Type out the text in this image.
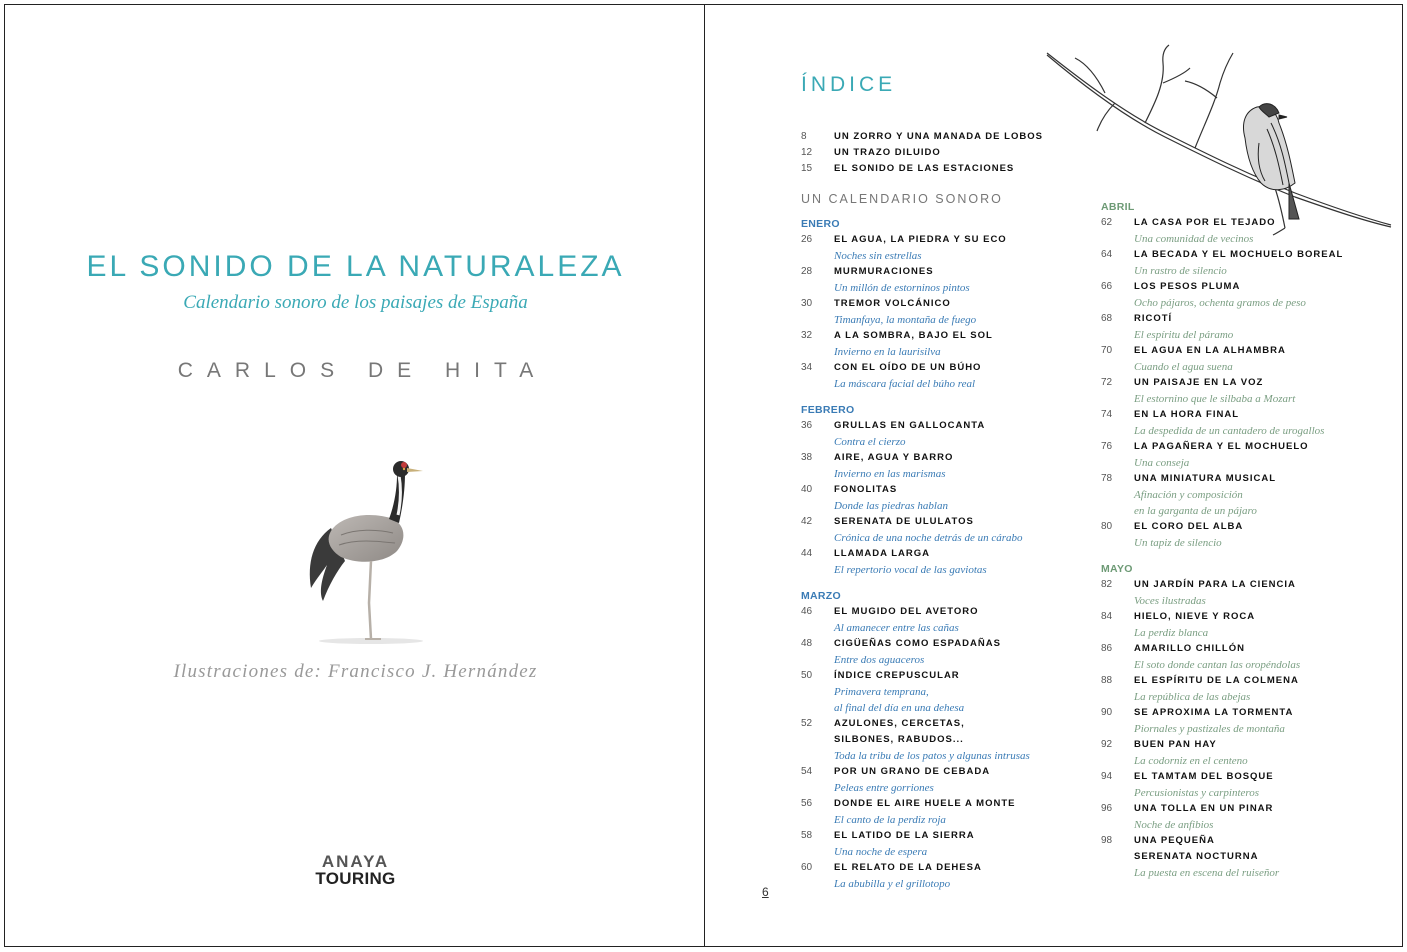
EL SONIDO DE LA NATURALEZA
Calendario sonoro de los paisajes de España
CARLOS DE HITA
Ilustraciones de: Francisco J. Hernández
ANAYA
TOURING
ÍNDICE
8	UN ZORRO Y UNA MANADA DE LOBOS
12 UN TRAZO DILUIDO
15 EL SONIDO DE LAS ESTACIONES
UN CALENDARIO SONORO
ENERO
26 EL AGUA, LA PIEDRA Y SU ECO
Noches sin estrellas
28 MURMURACIONES
Un millón de estorninos pintos
30 TREMOR VOLCÁNICO
Timanfaya, la montaña de fuego
32 A LA SOMBRA, BAJO EL SOL
Invierno en la laurisilva
34 CON EL OÍDO DE UN BÚHO
La máscara facial del búho real
FEBRERO
36 GRULLAS EN GALLOCANTA
Contra el cierzo
38 AIRE, AGUA Y BARRO
Invierno en las marismas
40 FONOLITAS
Donde las piedras hablan
42 SERENATA DE ULULATOS
Crónica de una noche detrás de un cárabo
44 LLAMADA LARGA
El repertorio vocal de las gaviotas
MARZO
46 EL MUGIDO DEL AVETORO
Al amanecer entre las cañas
48 CIGÜEÑAS COMO ESPADAÑAS
Entre dos aguaceros
50 ÍNDICE CREPUSCULAR
Primavera temprana,
al final del día en una dehesa
52 AZULONES, CERCETAS,
SILBONES, RABUDOS...
Toda la tribu de los patos y algunas intrusas
54 POR UN GRANO DE CEBADA
Peleas entre gorriones
56 DONDE EL AIRE HUELE A MONTE
El canto de la perdiz roja
58 EL LATIDO DE LA SIERRA
Una noche de espera
60 EL RELATO DE LA DEHESA
La abubilla y el grillotopo
ABRIL
62 LA CASA POR EL TEJADO
Una comunidad de vecinos
64 LA BECADA Y EL MOCHUELO BOREAL
Un rastro de silencio
66 LOS PESOS PLUMA
Ocho pájaros, ochenta gramos de peso
68 RICOTÍ
El espíritu del páramo
70 EL AGUA EN LA ALHAMBRA
Cuando el agua suena
72 UN PAISAJE EN LA VOZ
El estornino que le silbaba a Mozart
74 EN LA HORA FINAL
La despedida de un cantadero de urogallos
76 LA PAGAÑERA Y EL MOCHUELO
Una conseja
78 UNA MINIATURA MUSICAL
Afinación y composición
en la garganta de un pájaro
80 EL CORO DEL ALBA
Un tapiz de silencio
MAYO
82 UN JARDÍN PARA LA CIENCIA
Voces ilustradas
84 HIELO, NIEVE Y ROCA
La perdiz blanca
86 AMARILLO CHILLÓN
El soto donde cantan las oropéndolas
88 EL ESPÍRITU DE LA COLMENA
La república de las abejas
90 SE APROXIMA LA TORMENTA
Piornales y pastizales de montaña
92 BUEN PAN HAY
La codorniz en el centeno
94 EL TAMTAM DEL BOSQUE
Percusionistas y carpinteros
96 UNA TOLLA EN UN PINAR
Noche de anfibios
98 UNA PEQUEÑA
SERENATA NOCTURNA
La puesta en escena del ruiseñor
6
